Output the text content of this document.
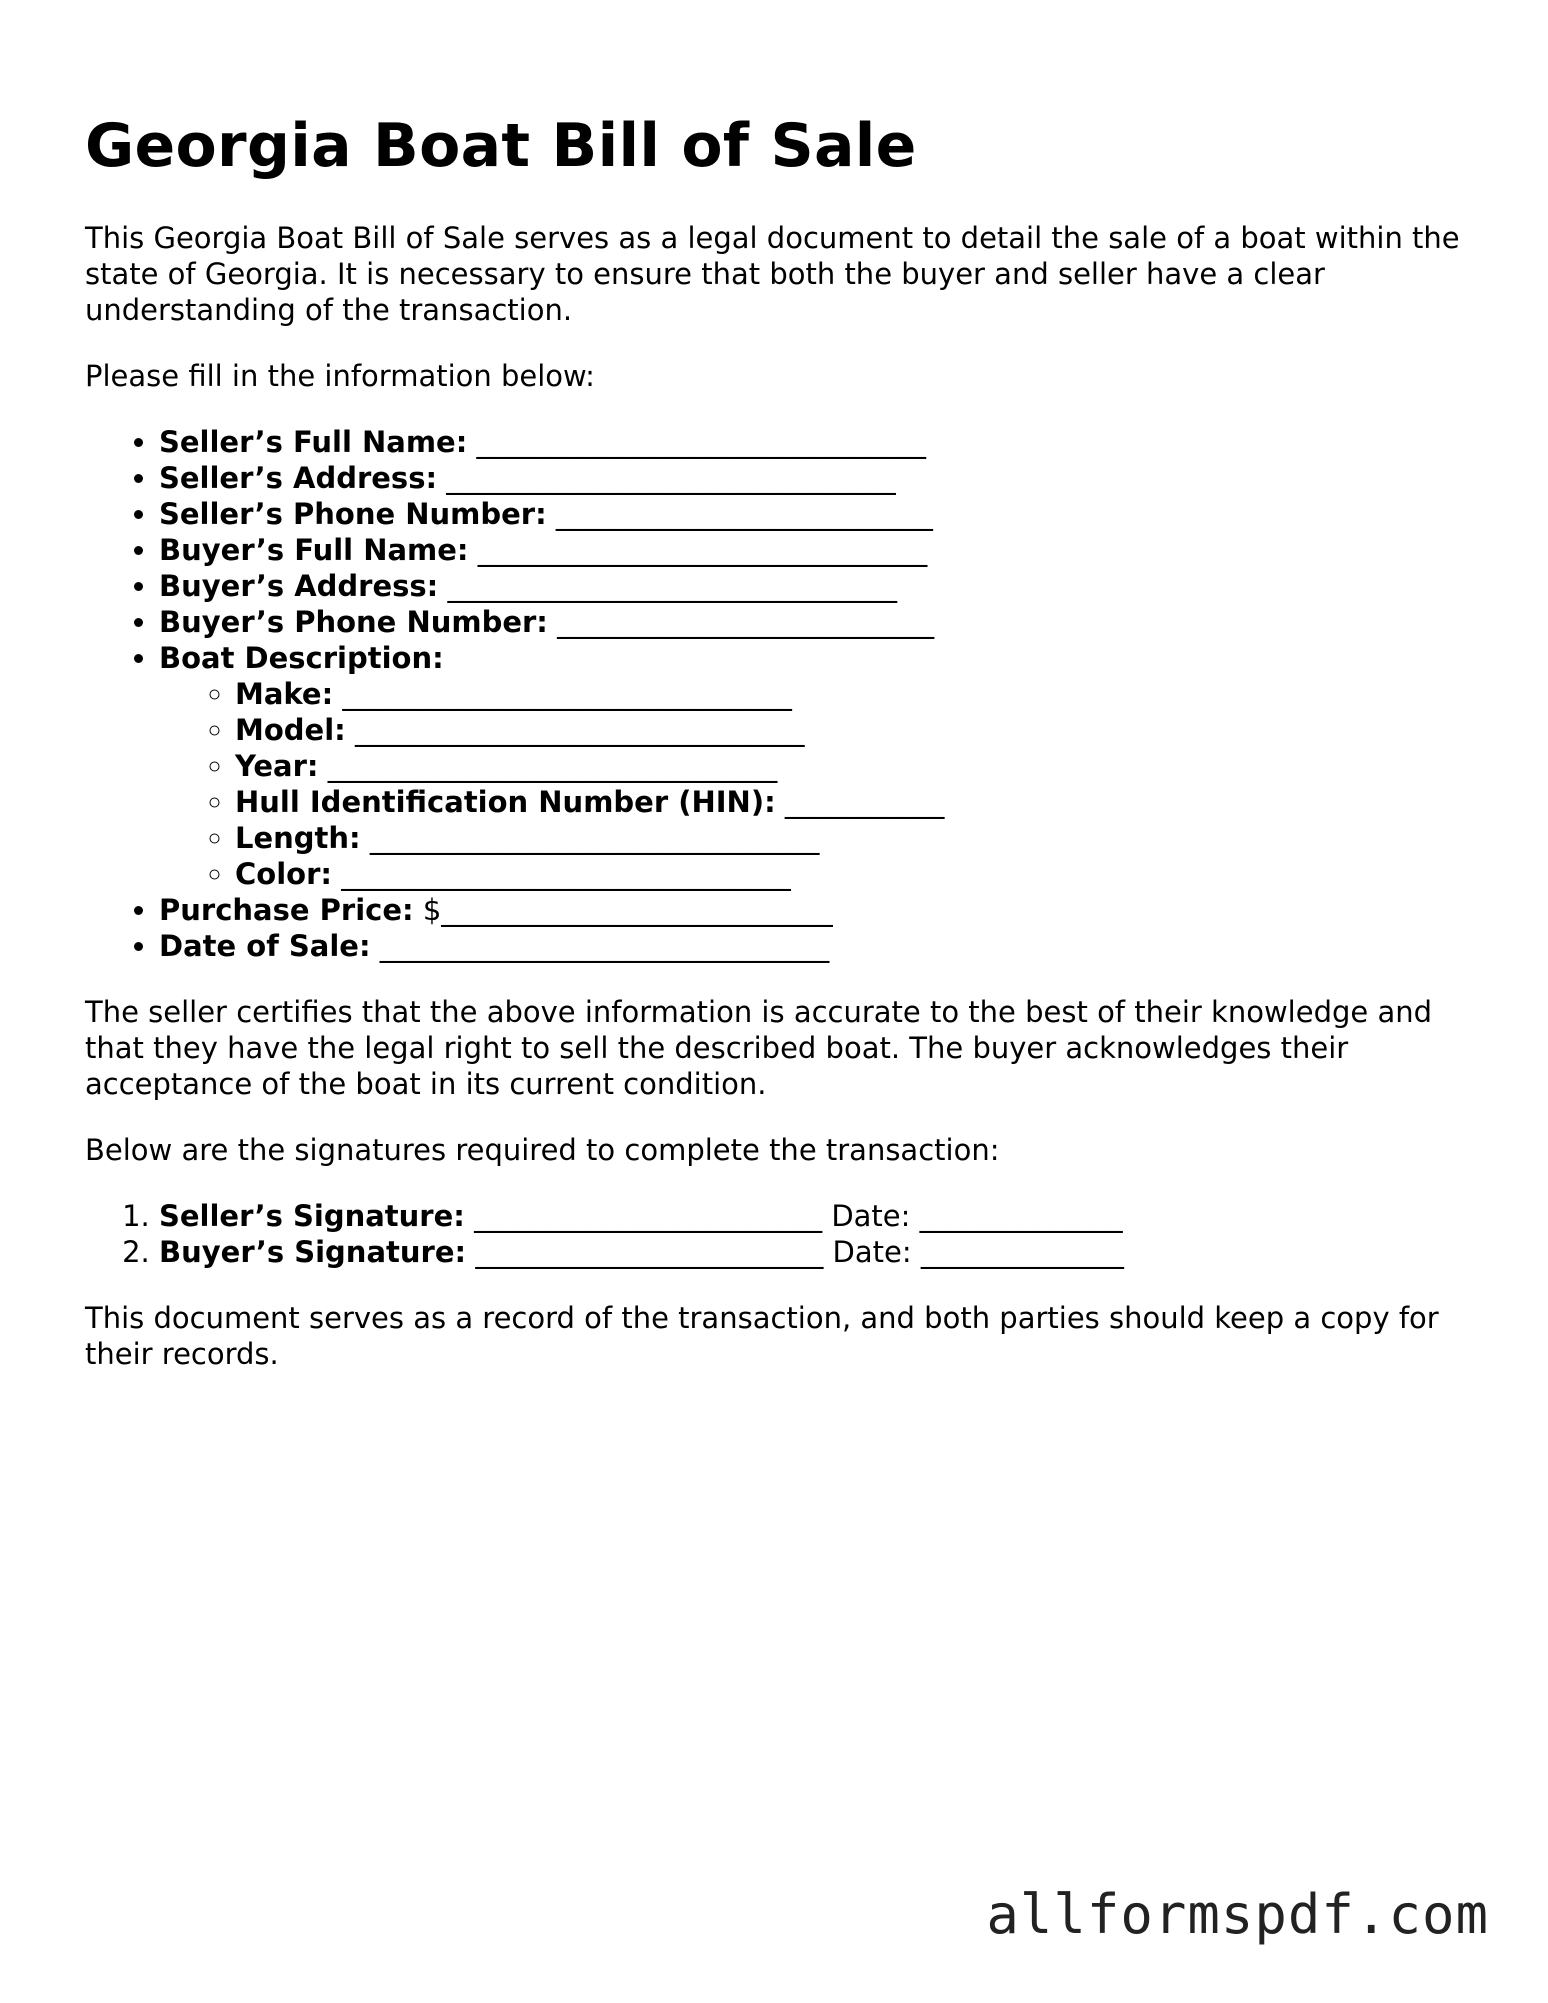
Georgia Boat Bill of Sale

This Georgia Boat Bill of Sale serves as a legal document to detail the sale of a boat within the state of Georgia. It is necessary to ensure that both the buyer and seller have a clear understanding of the transaction.

Please fill in the information below:

• Seller’s Full Name: _______________________________
• Seller’s Address: _______________________________
• Seller’s Phone Number: __________________________
• Buyer’s Full Name: _______________________________
• Buyer’s Address: _______________________________
• Buyer’s Phone Number: __________________________
• Boat Description:
◦ Make: _______________________________
◦ Model: _______________________________
◦ Year: _______________________________
◦ Hull Identification Number (HIN): ___________
◦ Length: _______________________________
◦ Color: _______________________________
• Purchase Price: $___________________________
• Date of Sale: _______________________________

The seller certifies that the above information is accurate to the best of their knowledge and that they have the legal right to sell the described boat. The buyer acknowledges their acceptance of the boat in its current condition.

Below are the signatures required to complete the transaction:

1. Seller’s Signature: ________________________ Date: ______________
2. Buyer’s Signature: ________________________ Date: ______________

This document serves as a record of the transaction, and both parties should keep a copy for their records.

allformspdf.com
